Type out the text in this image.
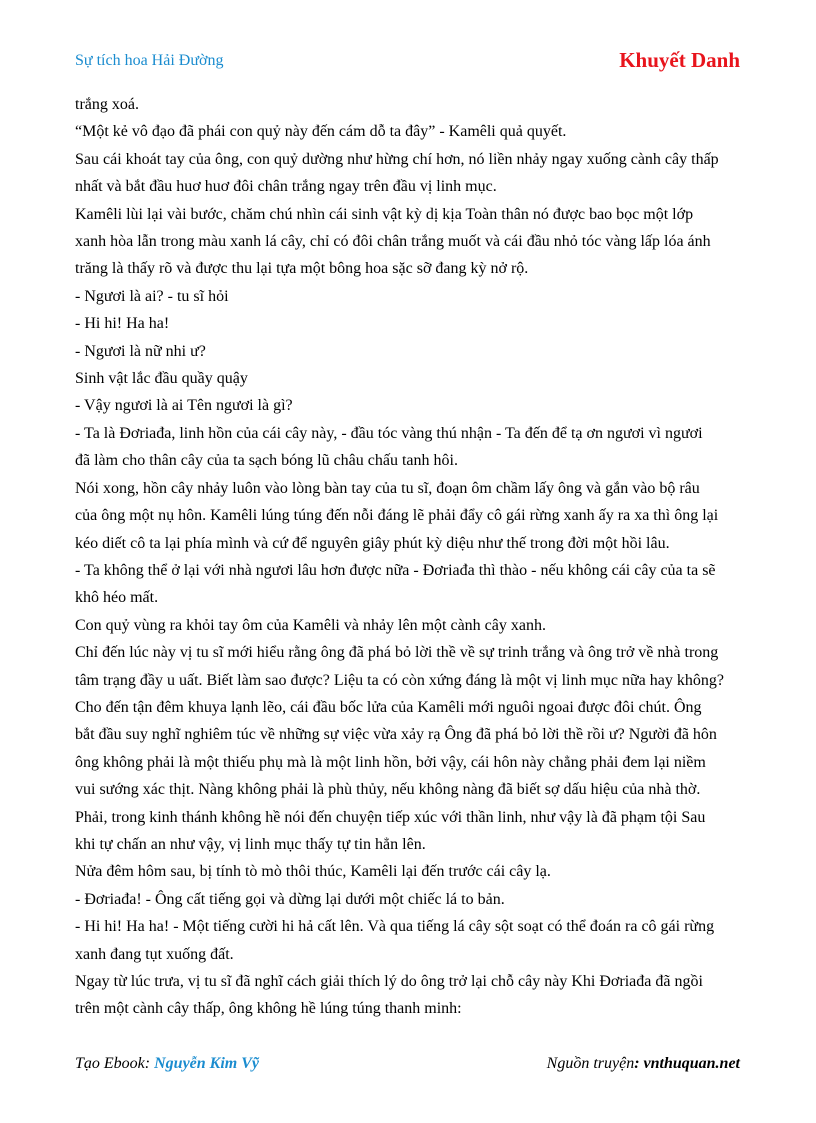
Sự tích hoa Hải Đường	Khuyết Danh

trắng xoá.

“Một kẻ vô đạo đã phái con quỷ này đến cám dỗ ta đây” - Kamêli quả quyết.

Sau cái khoát tay của ông, con quỷ dường như hừng chí hơn, nó liền nhảy ngay xuống cành cây thấp

nhất và bắt đầu huơ huơ đôi chân trắng ngay trên đầu vị linh mục.

Kamêli lùi lại vài bước, chăm chú nhìn cái sinh vật kỳ dị kịa Toàn thân nó được bao bọc một lớp

xanh hòa lẫn trong màu xanh lá cây, chỉ có đôi chân trắng muốt và cái đầu nhỏ tóc vàng lấp lóa ánh

trăng là thấy rõ và được thu lại tựa một bông hoa sặc sỡ đang kỳ nở rộ.

- Ngươi là ai? - tu sĩ hỏi

- Hi hi! Ha ha!

- Ngươi là nữ nhi ư?

Sinh vật lắc đầu quầy quậy

- Vậy ngươi là ai Tên ngươi là gì?

- Ta là Đơriađa, linh hồn của cái cây này, - đầu tóc vàng thú nhận - Ta đến để tạ ơn ngươi vì ngươi

đã làm cho thân cây của ta sạch bóng lũ châu chấu tanh hôi.

Nói xong, hồn cây nhảy luôn vào lòng bàn tay của tu sĩ, đoạn ôm chầm lấy ông và gắn vào bộ râu

của ông một nụ hôn. Kamêli lúng túng đến nỗi đáng lẽ phải đẩy cô gái rừng xanh ấy ra xa thì ông lại

kéo diết cô ta lại phía mình và cứ để nguyên giây phút kỳ diệu như thế trong đời một hồi lâu.

- Ta không thể ở lại với nhà ngươi lâu hơn được nữa - Đơriađa thì thào - nếu không cái cây của ta sẽ

khô héo mất.

Con quỷ vùng ra khỏi tay ôm của Kamêli và nhảy lên một cành cây xanh.

Chỉ đến lúc này vị tu sĩ mới hiểu rằng ông đã phá bỏ lời thề về sự trinh trắng và ông trở về nhà trong

tâm trạng đầy u uất. Biết làm sao được? Liệu ta có còn xứng đáng là một vị linh mục nữa hay không?

Cho đến tận đêm khuya lạnh lẽo, cái đầu bốc lửa của Kamêli mới nguôi ngoai được đôi chút. Ông

bắt đầu suy nghĩ nghiêm túc về những sự việc vừa xảy rạ Ông đã phá bỏ lời thề rồi ư? Người đã hôn

ông không phải là một thiếu phụ mà là một linh hồn, bởi vậy, cái hôn này chẳng phải đem lại niềm

vui sướng xác thịt. Nàng không phải là phù thủy, nếu không nàng đã biết sợ dấu hiệu của nhà thờ.

Phải, trong kinh thánh không hề nói đến chuyện tiếp xúc với thần linh, như vậy là đã phạm tội Sau

khi tự chấn an như vậy, vị linh mục thấy tự tin hẳn lên.

Nửa đêm hôm sau, bị tính tò mò thôi thúc, Kamêli lại đến trước cái cây lạ.

- Đơriađa! - Ông cất tiếng gọi và dừng lại dưới một chiếc lá to bản.

- Hi hi! Ha ha! - Một tiếng cười hi hả cất lên. Và qua tiếng lá cây sột soạt có thể đoán ra cô gái rừng

xanh đang tụt xuống đất.

Ngay từ lúc trưa, vị tu sĩ đã nghĩ cách giải thích lý do ông trở lại chỗ cây này Khi Đơriađa đã ngồi

trên một cành cây thấp, ông không hề lúng túng thanh minh:

Tạo Ebook: Nguyễn Kim Vỹ	Nguồn truyện: vnthuquan.net
